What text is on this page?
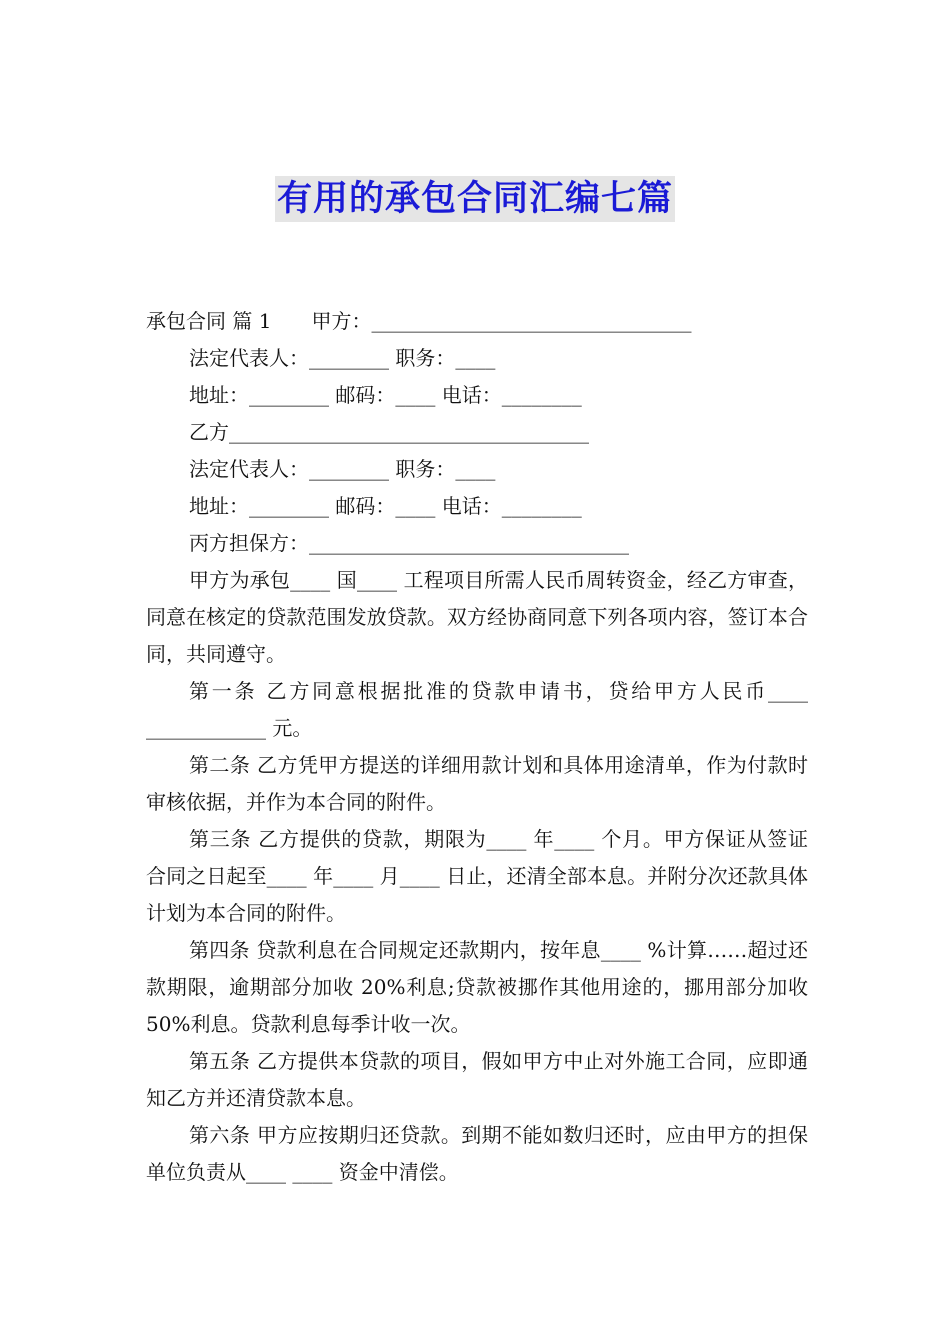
有用的承包合同汇编七篇
承包合同 篇 1 甲方：________________________________
法定代表人：________ 职务：____
地址：________ 邮码：____ 电话：________
乙方____________________________________
法定代表人：________ 职务：____
地址：________ 邮码：____ 电话：________
丙方担保方：________________________________
甲方为承包____ 国____ 工程项目所需人民币周转资金，经乙方审查，同意在核定的贷款范围发放贷款。双方经协商同意下列各项内容，签订本合同，共同遵守。
第一条 乙方同意根据批准的贷款申请书，贷给甲方人民币____ ____________ 元。
第二条 乙方凭甲方提送的详细用款计划和具体用途清单，作为付款时审核依据，并作为本合同的附件。
第三条 乙方提供的贷款，期限为____ 年____ 个月。甲方保证从签证合同之日起至____ 年____ 月____ 日止，还清全部本息。并附分次还款具体计划为本合同的附件。
第四条 贷款利息在合同规定还款期内，按年息____ %计算……超过还款期限，逾期部分加收 20%利息;贷款被挪作其他用途的，挪用部分加收 50%利息。贷款利息每季计收一次。
第五条 乙方提供本贷款的项目，假如甲方中止对外施工合同，应即通知乙方并还清贷款本息。
第六条 甲方应按期归还贷款。到期不能如数归还时，应由甲方的担保单位负责从____ ____ 资金中清偿。
